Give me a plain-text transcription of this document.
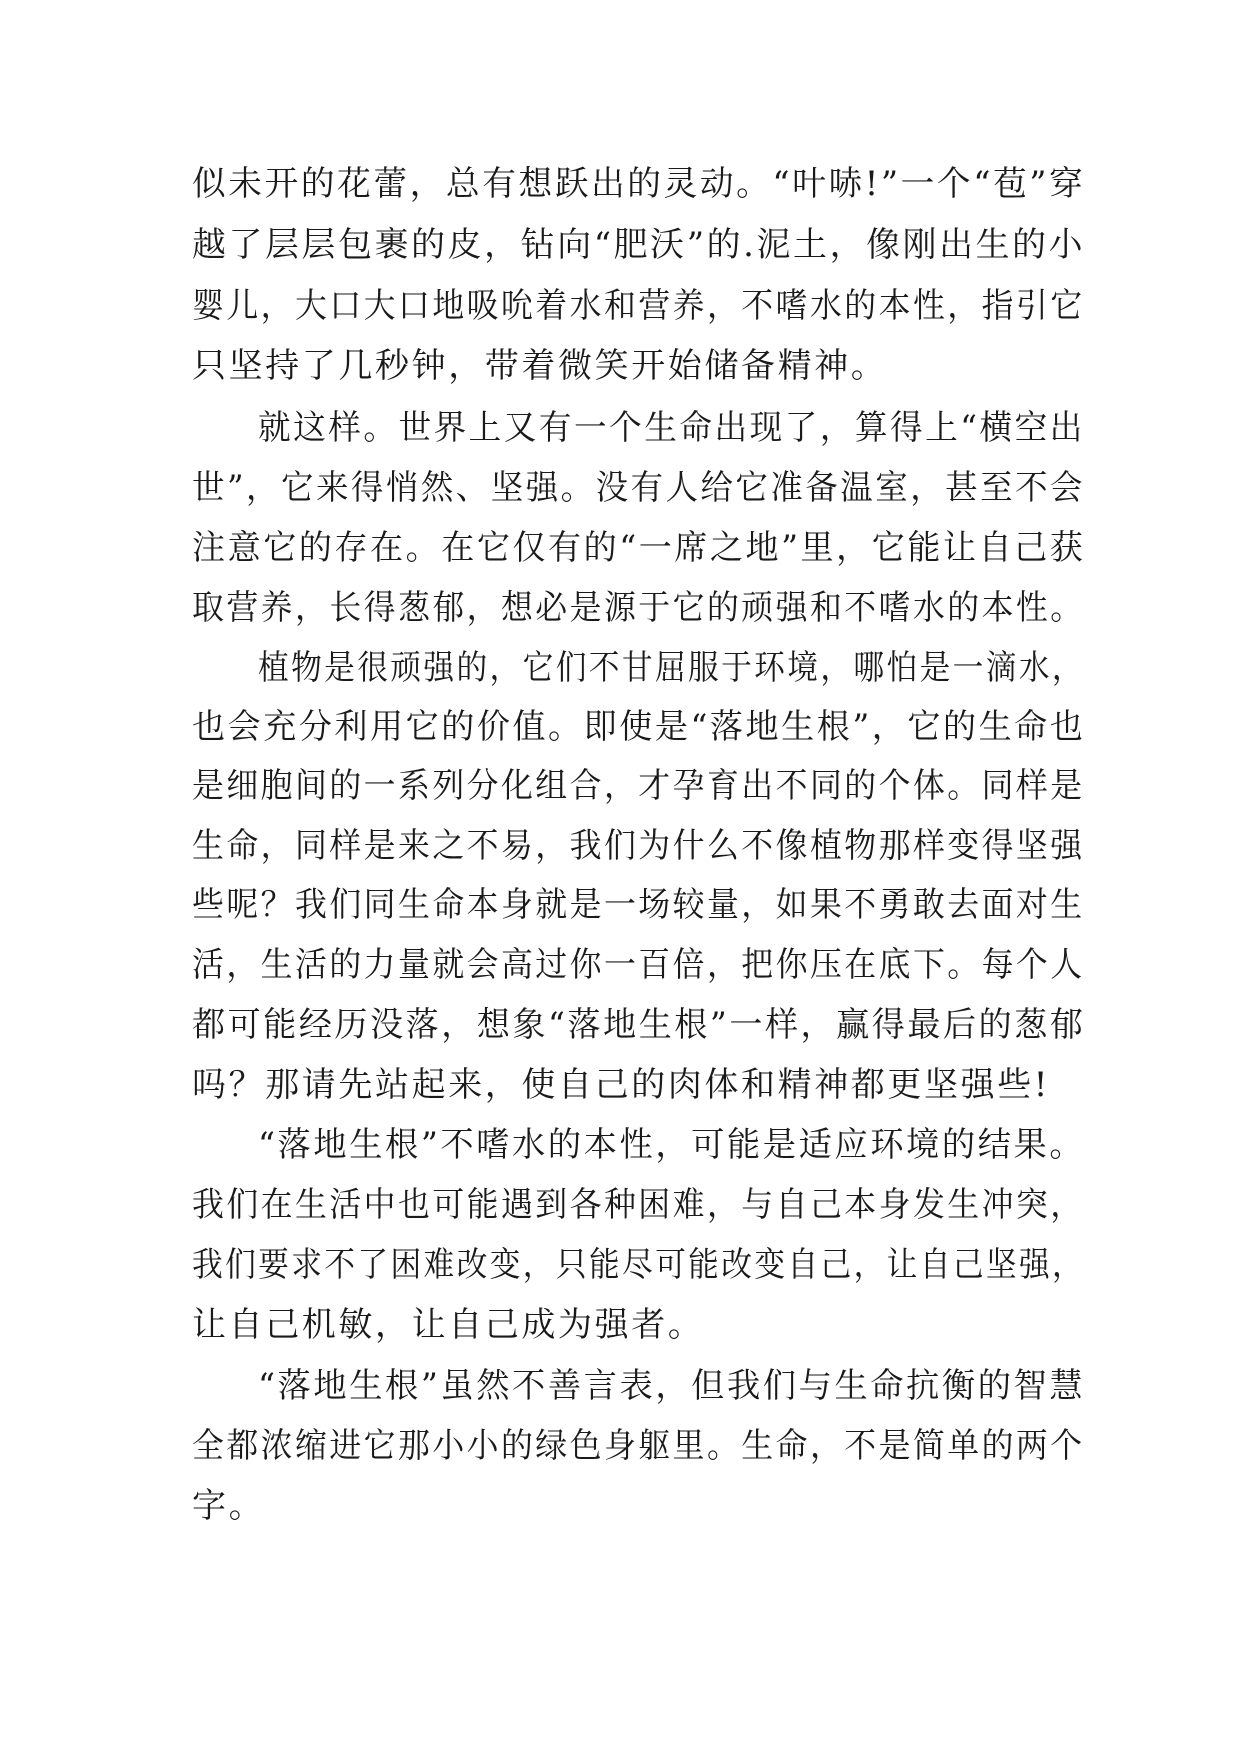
似未开的花蕾，总有想跃出的灵动。“叶哧!”一个“苞”穿
越了层层包裹的皮，钻向“肥沃”的.泥土，像刚出生的小
婴儿，大口大口地吸吮着水和营养，不嗜水的本性，指引它
只坚持了几秒钟，带着微笑开始储备精神。
就这样。世界上又有一个生命出现了，算得上“横空出
世”，它来得悄然、坚强。没有人给它准备温室，甚至不会
注意它的存在。在它仅有的“一席之地”里，它能让自己获
取营养，长得葱郁，想必是源于它的顽强和不嗜水的本性。
植物是很顽强的，它们不甘屈服于环境，哪怕是一滴水，
也会充分利用它的价值。即使是“落地生根”，它的生命也
是细胞间的一系列分化组合，才孕育出不同的个体。同样是
生命，同样是来之不易，我们为什么不像植物那样变得坚强
些呢？我们同生命本身就是一场较量，如果不勇敢去面对生
活，生活的力量就会高过你一百倍，把你压在底下。每个人
都可能经历没落，想象“落地生根”一样，赢得最后的葱郁
吗？那请先站起来，使自己的肉体和精神都更坚强些!
“落地生根”不嗜水的本性，可能是适应环境的结果。
我们在生活中也可能遇到各种困难，与自己本身发生冲突，
我们要求不了困难改变，只能尽可能改变自己，让自己坚强，
让自己机敏，让自己成为强者。
“落地生根”虽然不善言表，但我们与生命抗衡的智慧
全都浓缩进它那小小的绿色身躯里。生命，不是简单的两个
字。
